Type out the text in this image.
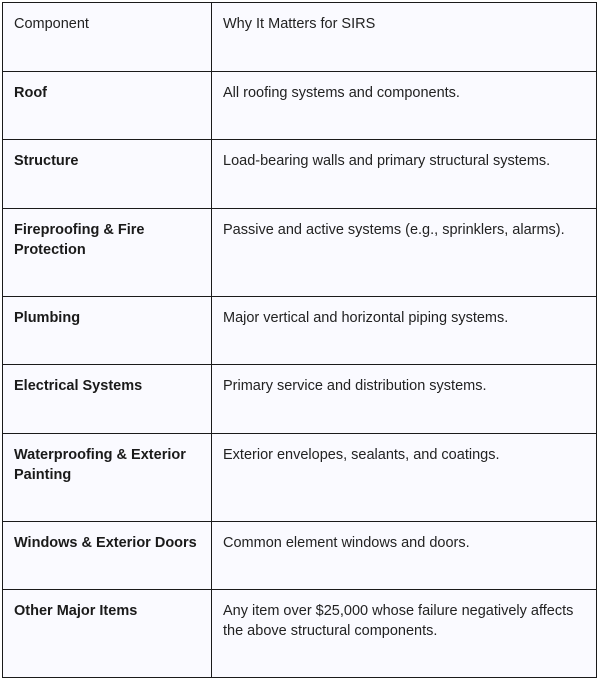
Component	Why It Matters for SIRS
Roof	All roofing systems and components.
Structure	Load-bearing walls and primary structural systems.
Fireproofing & Fire Protection	Passive and active systems (e.g., sprinklers, alarms).
Plumbing	Major vertical and horizontal piping systems.
Electrical Systems	Primary service and distribution systems.
Waterproofing & Exterior Painting	Exterior envelopes, sealants, and coatings.
Windows & Exterior Doors	Common element windows and doors.
Other Major Items	Any item over $25,000 whose failure negatively affects the above structural components.
